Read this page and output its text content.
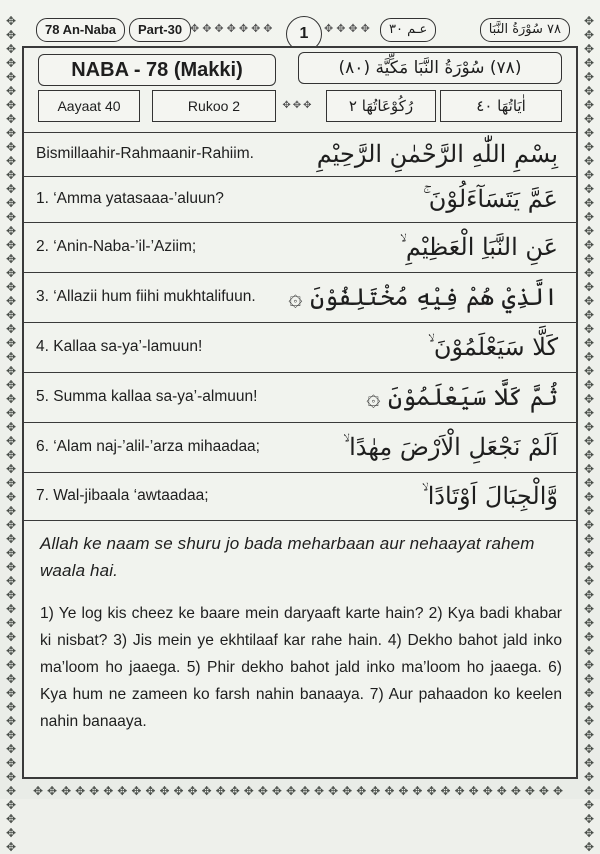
✥
✥
✥
✥
✥
✥
✥
✥
✥
✥
✥
✥
✥
✥
✥
✥
✥
✥
✥
✥
✥
✥
✥
✥
✥
✥
✥
✥
✥
✥
✥
✥
✥
✥
✥
✥
✥
✥
✥
✥
✥
✥
✥
✥
✥
✥
✥
✥
✥
✥
✥
✥
✥
✥
✥
✥
✥
✥
✥
✥
✥
✥
✥
✥
✥
✥
✥
✥
✥
✥
✥
✥
✥
✥
✥
✥
✥
✥
✥
✥
✥
✥
✥
✥
✥
✥
✥
✥
✥
✥
✥
✥
✥
✥
✥
✥
✥
✥
✥
✥
✥
✥
✥
✥
✥
✥
✥
✥
✥
✥
✥
✥
✥
✥
✥
✥
✥
✥
✥
✥
✥✥✥✥✥✥✥✥✥✥✥✥✥✥✥✥✥✥✥✥✥✥✥✥✥✥✥✥✥✥✥✥✥✥✥✥✥✥
78 An-Naba	Part-30 ✥✥✥✥✥✥✥	1	✥✥✥✥	عـم ٣٠	٧٨ سُوْرَةُ النَّبَا
NABA - 78 (Makki)
Aayaat 40	Rukoo 2	✥✥✥
(٧٨) سُوْرَةُ النَّبَا مَكِّيَّة (٨٠)
رُكُوْعَاتُهَا ٢	اٰيَاتُهَا ٤٠
Bismillaahir-Rahmaanir-Rahiim.	بِسْمِ اللّٰهِ الرَّحْمٰنِ الرَّحِيْمِ
1. ‘Amma yatasaaa-’aluun?	عَمَّ يَتَسَآءَلُوْنَ ۚ
2. ‘Anin-Naba-’il-’Aziim;	عَنِ النَّبَاِ الْعَظِيْمِ ۙ
3. ‘Allazii hum fiihi mukhtalifuun. الَّذِيْ هُمْ فِيْهِ مُخْتَلِفُوْنَ ۞
4. Kallaa sa-ya’-lamuun!	كَلَّا سَيَعْلَمُوْنَ ۙ
5. Summa kallaa sa-ya’-almuun!	ثُمَّ كَلَّا سَيَعْلَمُوْنَ ۞
6. ‘Alam naj-’alil-’arza mihaadaa;	اَلَمْ نَجْعَلِ الْاَرْضَ مِهٰدًا ۙ
7. Wal-jibaala ‘awtaadaa;	وَّالْجِبَالَ اَوْتَادًا ۙ

Allah ke naam se shuru jo bada meharbaan aur nehaayat rahem waala hai.

1) Ye log kis cheez ke baare mein daryaaft karte hain? 2) Kya badi khabar ki nisbat? 3) Jis mein ye ekhtilaaf kar rahe hain. 4) Dekho bahot jald inko ma’loom ho jaaega. 5) Phir dekho bahot jald inko ma’loom ho jaaega. 6) Kya hum ne zameen ko farsh nahin banaaya. 7) Aur pahaadon ko keelen nahin banaaya.
